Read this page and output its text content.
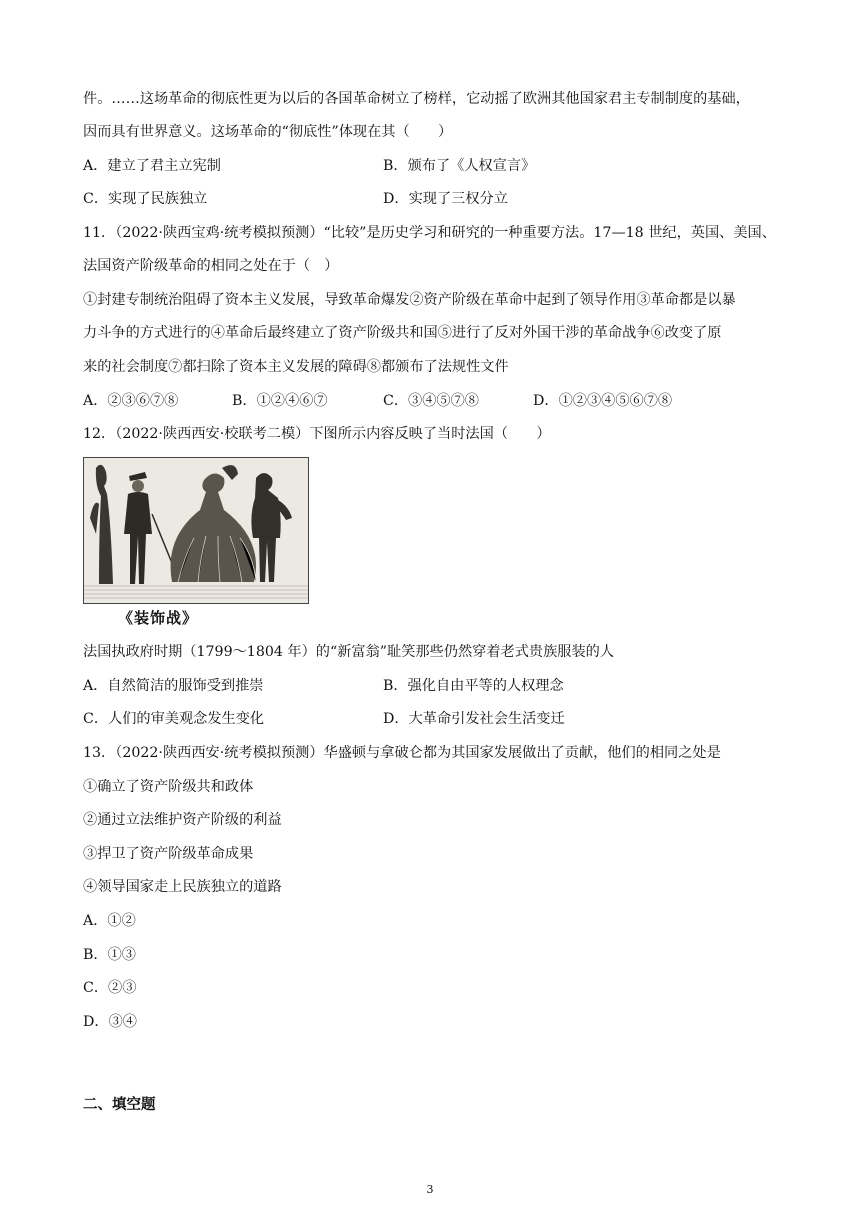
件。……这场革命的彻底性更为以后的各国革命树立了榜样，它动摇了欧洲其他国家君主专制制度的基础，
因而具有世界意义。这场革命的“彻底性”体现在其（　　）
A．建立了君主立宪制	B．颁布了《人权宣言》
C．实现了民族独立	D．实现了三权分立
11．（2022·陕西宝鸡·统考模拟预测）“比较”是历史学习和研究的一种重要方法。17—18 世纪，英国、美国、
法国资产阶级革命的相同之处在于（　）
①封建专制统治阻碍了资本主义发展，导致革命爆发②资产阶级在革命中起到了领导作用③革命都是以暴
力斗争的方式进行的④革命后最终建立了资产阶级共和国⑤进行了反对外国干涉的革命战争⑥改变了原
来的社会制度⑦都扫除了资本主义发展的障碍⑧都颁布了法规性文件
A．②③⑥⑦⑧	B．①②④⑥⑦	C．③④⑤⑦⑧	D．①②③④⑤⑥⑦⑧
12．（2022·陕西西安·校联考二模）下图所示内容反映了当时法国（　　）
《装饰战》
法国执政府时期（1799～1804 年）的“新富翁”耻笑那些仍然穿着老式贵族服装的人
A．自然简洁的服饰受到推崇	B．强化自由平等的人权理念
C．人们的审美观念发生变化	D．大革命引发社会生活变迁
13．（2022·陕西西安·统考模拟预测）华盛顿与拿破仑都为其国家发展做出了贡献，他们的相同之处是
①确立了资产阶级共和政体
②通过立法维护资产阶级的利益
③捍卫了资产阶级革命成果
④领导国家走上民族独立的道路
A．①②
B．①③
C．②③
D．③④
二、填空题
3
